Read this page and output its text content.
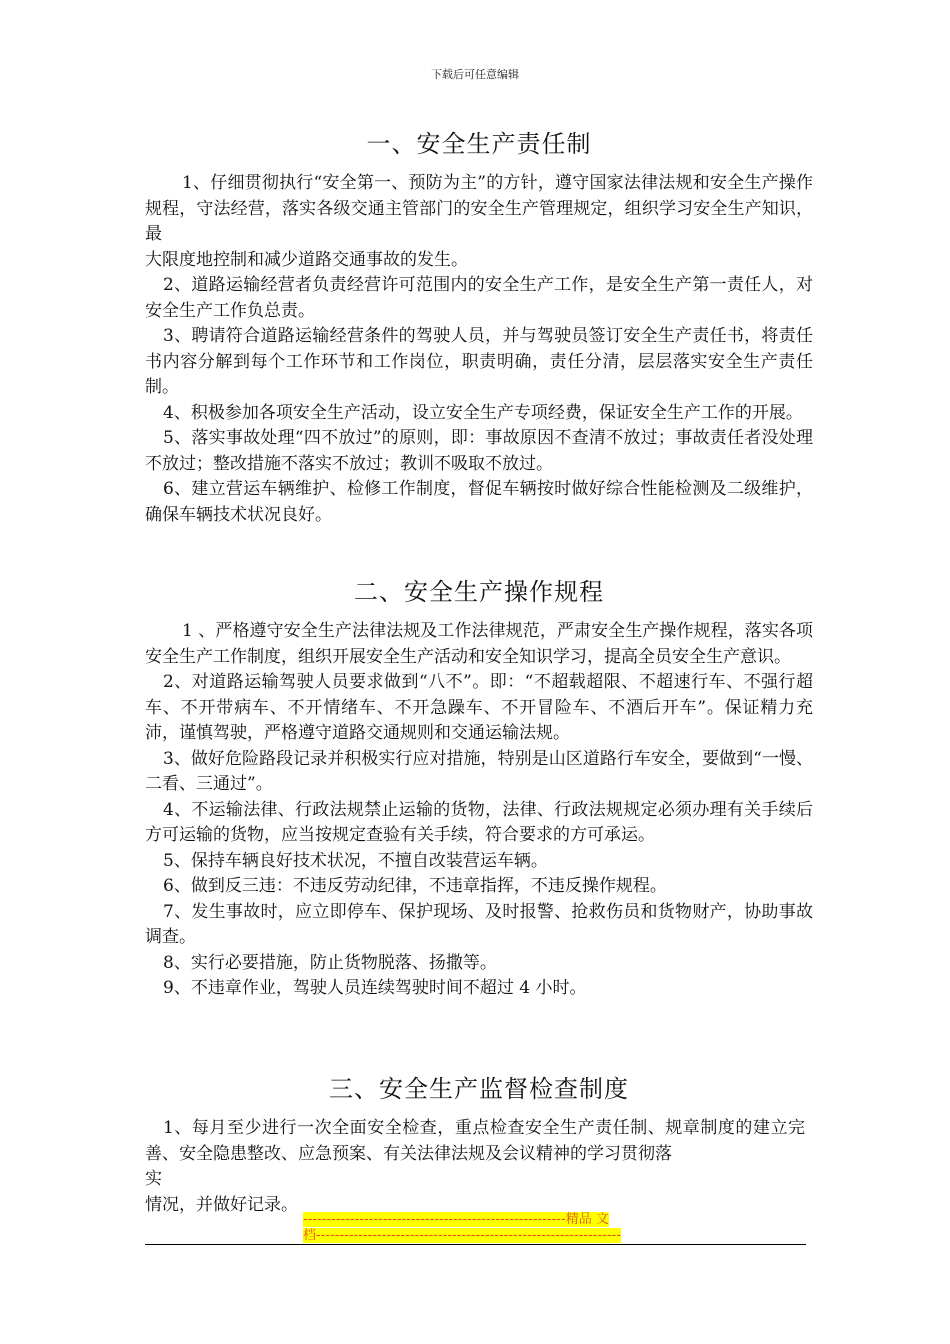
下载后可任意编辑
一、安全生产责任制

1、仔细贯彻执行“安全第一、预防为主”的方针，遵守国家法律法规和安全生产操作规程，守法经营，落实各级交通主管部门的安全生产管理规定，组织学习安全生产知识，最

大限度地控制和减少道路交通事故的发生。

2、道路运输经营者负责经营许可范围内的安全生产工作，是安全生产第一责任人，对安全生产工作负总责。

3、聘请符合道路运输经营条件的驾驶人员，并与驾驶员签订安全生产责任书，将责任书内容分解到每个工作环节和工作岗位，职责明确，责任分清，层层落实安全生产责任制。

4、积极参加各项安全生产活动，设立安全生产专项经费，保证安全生产工作的开展。

5、落实事故处理“四不放过”的原则，即：事故原因不查清不放过；事故责任者没处理不放过；整改措施不落实不放过；教训不吸取不放过。

6、建立营运车辆维护、检修工作制度，督促车辆按时做好综合性能检测及二级维护，确保车辆技术状况良好。

二、安全生产操作规程

1 、严格遵守安全生产法律法规及工作法律规范，严肃安全生产操作规程，落实各项安全生产工作制度，组织开展安全生产活动和安全知识学习，提高全员安全生产意识。

2、对道路运输驾驶人员要求做到“八不”。即：“不超载超限、不超速行车、不强行超车、不开带病车、不开情绪车、不开急躁车、不开冒险车、不酒后开车”。保证精力充沛，谨慎驾驶，严格遵守道路交通规则和交通运输法规。

3、做好危险路段记录并积极实行应对措施，特别是山区道路行车安全，要做到“一慢、二看、三通过”。

4、不运输法律、行政法规禁止运输的货物，法律、行政法规规定必须办理有关手续后方可运输的货物，应当按规定查验有关手续，符合要求的方可承运。

5、保持车辆良好技术状况，不擅自改装营运车辆。

6、做到反三违：不违反劳动纪律，不违章指挥，不违反操作规程。

7、发生事故时，应立即停车、保护现场、及时报警、抢救伤员和货物财产，协助事故调查。

8、实行必要措施，防止货物脱落、扬撒等。

9、不违章作业，驾驶人员连续驾驶时间不超过 4 小时。

三、安全生产监督检查制度

1、每月至少进行一次全面安全检查，重点检查安全生产责任制、规章制度的建立完善、安全隐患整改、应急预案、有关法律法规及会议精神的学习贯彻落

实

情况，并做好记录。

--------------------------------------------------------精品 文
档-----------------------------------------------------------------
